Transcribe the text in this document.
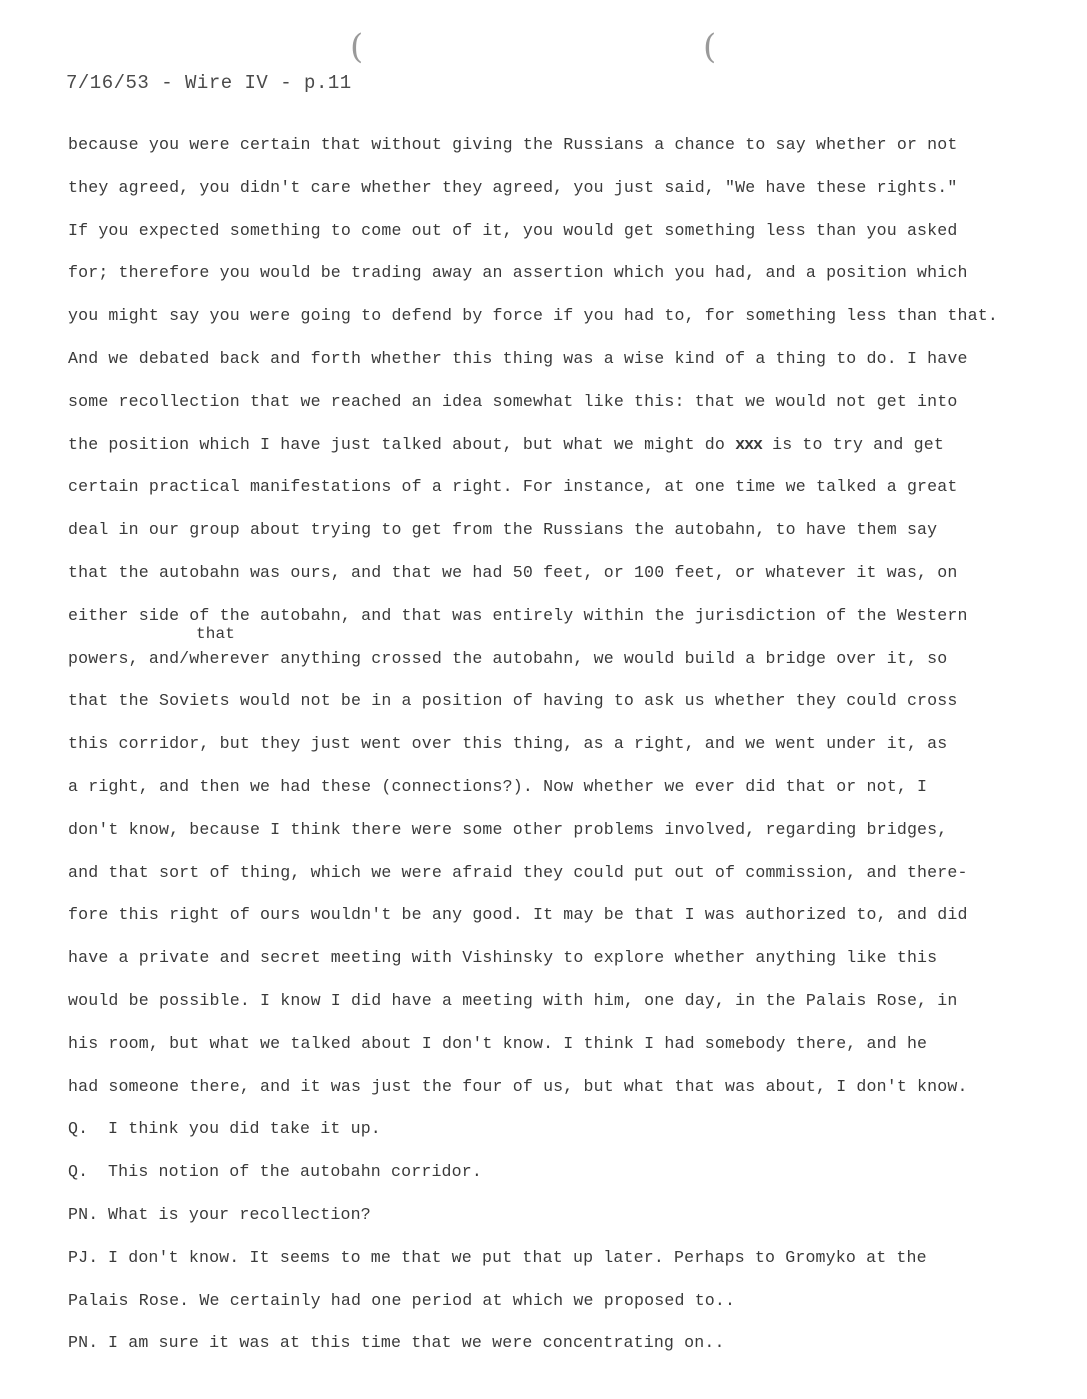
(	(
7/16/53 - Wire IV - p.11
because you were certain that without giving the Russians a chance to say whether or not
they agreed, you didn't care whether they agreed, you just said, "We have these rights."
If you expected something to come out of it, you would get something less than you asked
for; therefore you would be trading away an assertion which you had, and a position which
you might say you were going to defend by force if you had to, for something less than that.
And we debated back and forth whether this thing was a wise kind of a thing to do. I have
some recollection that we reached an idea somewhat like this: that we would not get into
the position which I have just talked about, but what we might do xxx is to try and get
certain practical manifestations of a right. For instance, at one time we talked a great
deal in our group about trying to get from the Russians the autobahn, to have them say
that the autobahn was ours, and that we had 50 feet, or 100 feet, or whatever it was, on
either side of the autobahn, and that was entirely within the jurisdiction of the Western
that
powers, and/wherever anything crossed the autobahn, we would build a bridge over it, so
that the Soviets would not be in a position of having to ask us whether they could cross
this corridor, but they just went over this thing, as a right, and we went under it, as
a right, and then we had these (connections?). Now whether we ever did that or not, I
don't know, because I think there were some other problems involved, regarding bridges,
and that sort of thing, which we were afraid they could put out of commission, and there-
fore this right of ours wouldn't be any good. It may be that I was authorized to, and did
have a private and secret meeting with Vishinsky to explore whether anything like this
would be possible. I know I did have a meeting with him, one day, in the Palais Rose, in
his room, but what we talked about I don't know. I think I had somebody there, and he
had someone there, and it was just the four of us, but what that was about, I don't know.
Q. I think you did take it up.
Q. This notion of the autobahn corridor.
PN. What is your recollection?
PJ. I don't know. It seems to me that we put that up later. Perhaps to Gromyko at the
Palais Rose. We certainly had one period at which we proposed to..
PN. I am sure it was at this time that we were concentrating on..
